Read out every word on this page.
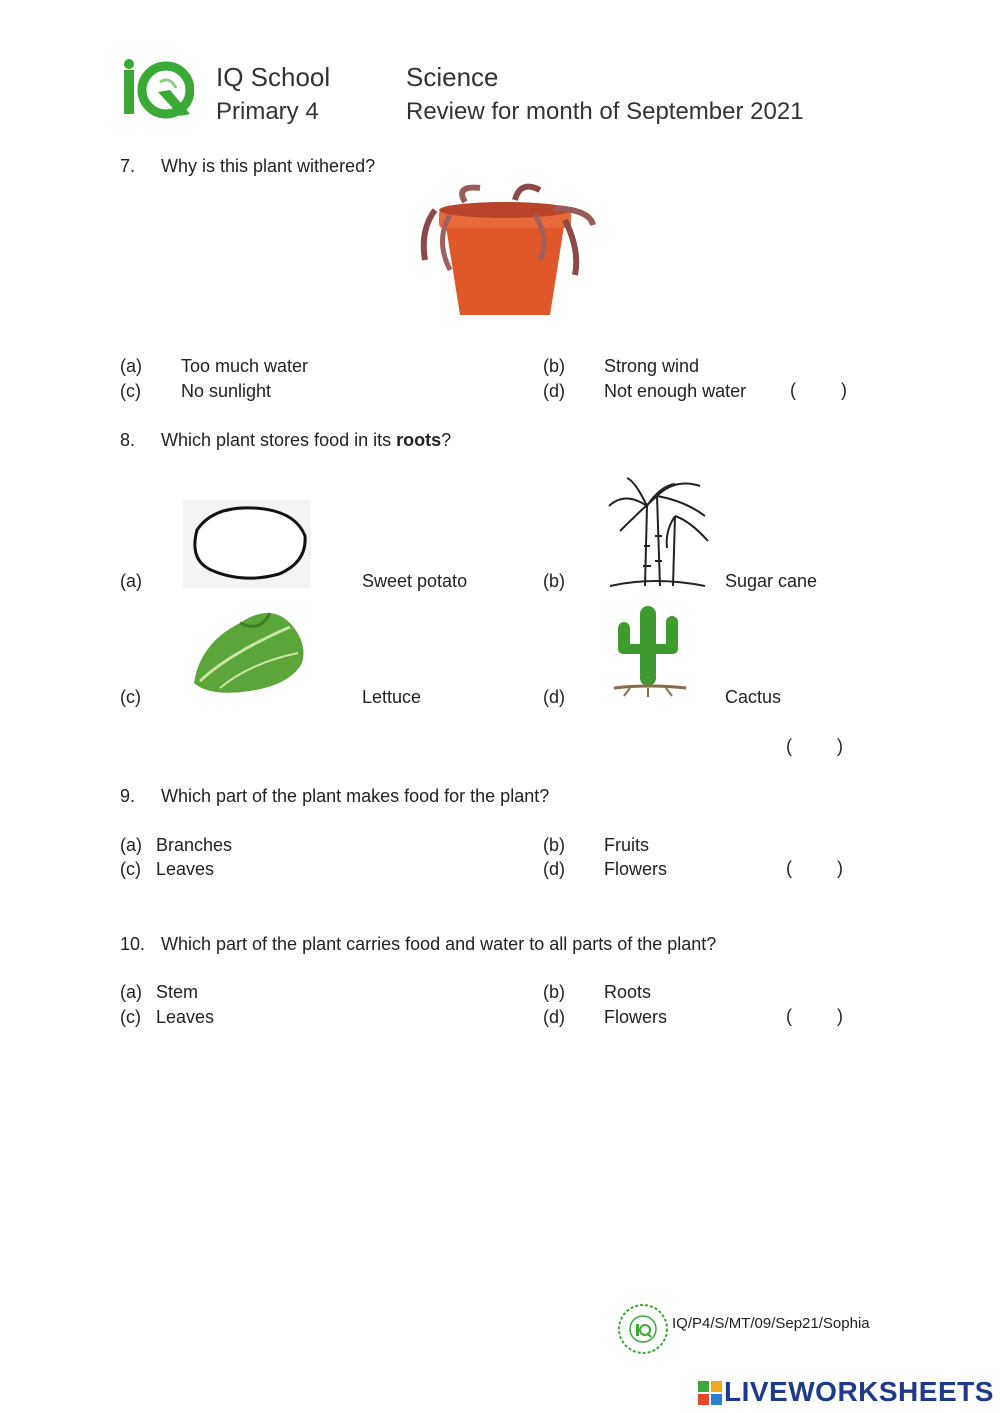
IQ School
Primary 4
Science
Review for month of September 2021
7. Why is this plant withered?
(a) Too much water	(b) Strong wind
(c) No sunlight	(d) Not enough water (	)
8. Which plant stores food in its roots?
(a)	Sweet potato	(b)	Sugar cane
(c)	Lettuce	(d)	Cactus
(	)
9. Which part of the plant makes food for the plant?
(a) Branches	(b) Fruits
(c) Leaves	(d) Flowers	(	)
10. Which part of the plant carries food and water to all parts of the plant?
(a) Stem	(b) Roots
(c) Leaves	(d) Flowers	(	)
IQ/P4/S/MT/09/Sep21/Sophia
LIVEWORKSHEETS
